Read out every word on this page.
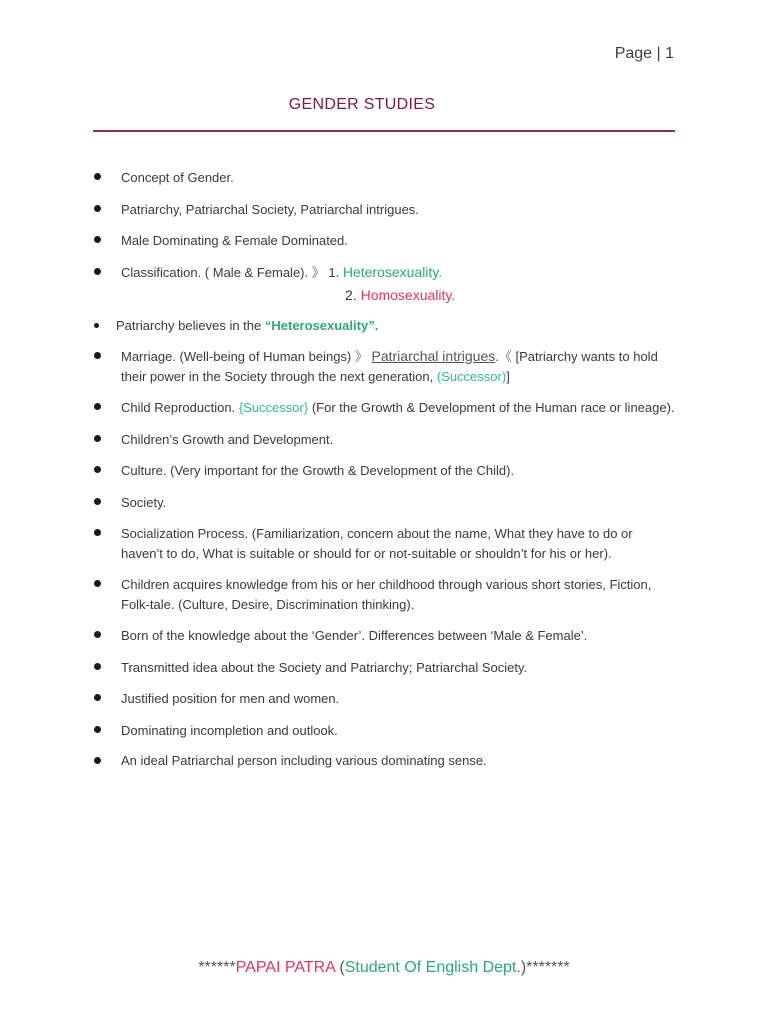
Page | 1
GENDER STUDIES
Concept of Gender.
Patriarchy, Patriarchal Society, Patriarchal intrigues.
Male Dominating & Female Dominated.
Classification. ( Male & Female). 》 1. Heterosexuality.
2. Homosexuality.
Patriarchy believes in the “Heterosexuality”.
Marriage. (Well-being of Human beings) 》 Patriarchal intrigues.《 [Patriarchy wants to hold their power in the Society through the next generation, (Successor)]
Child Reproduction. {Successor} (For the Growth & Development of the Human race or lineage).
Children’s Growth and Development.
Culture. (Very important for the Growth & Development of the Child).
Society.
Socialization Process. (Familiarization, concern about the name, What they have to do or haven’t to do, What is suitable or should for or not-suitable or shouldn’t for his or her).
Children acquires knowledge from his or her childhood through various short stories, Fiction, Folk-tale. (Culture, Desire, Discrimination thinking).
Born of the knowledge about the ‘Gender’. Differences between ‘Male & Female’.
Transmitted idea about the Society and Patriarchy; Patriarchal Society.
Justified position for men and women.
Dominating incompletion and outlook.
An ideal Patriarchal person including various dominating sense.
******PAPAI PATRA (Student Of English Dept.)*******
